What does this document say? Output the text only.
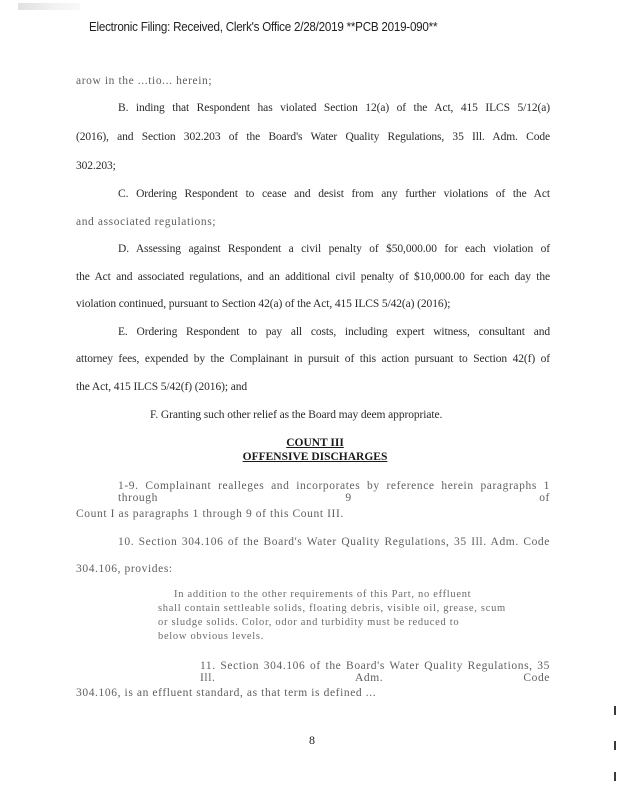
Electronic Filing: Received, Clerk's Office 2/28/2019 **PCB 2019-090**
arow in the ...tio... herein;
B. inding that Respondent has violated Section 12(a) of the Act, 415 ILCS 5/12(a)
(2016), and Section 302.203 of the Board's Water Quality Regulations, 35 Ill. Adm. Code
302.203;
C. Ordering Respondent to cease and desist from any further violations of the Act
and associated regulations;
D. Assessing against Respondent a civil penalty of $50,000.00 for each violation of
the Act and associated regulations, and an additional civil penalty of $10,000.00 for each day the
violation continued, pursuant to Section 42(a) of the Act, 415 ILCS 5/42(a) (2016);
E. Ordering Respondent to pay all costs, including expert witness, consultant and
attorney fees, expended by the Complainant in pursuit of this action pursuant to Section 42(f) of
the Act, 415 ILCS 5/42(f) (2016); and
F. Granting such other relief as the Board may deem appropriate.
COUNT III
OFFENSIVE DISCHARGES
1-9. Complainant realleges and incorporates by reference herein paragraphs 1 through 9 of
Count I as paragraphs 1 through 9 of this Count III.
10. Section 304.106 of the Board's Water Quality Regulations, 35 Ill. Adm. Code
304.106, provides:
In addition to the other requirements of this Part, no effluent
shall contain settleable solids, floating debris, visible oil, grease, scum
or sludge solids. Color, odor and turbidity must be reduced to
below obvious levels.
11. Section 304.106 of the Board's Water Quality Regulations, 35 Ill. Adm. Code
304.106, is an effluent standard, as that term is defined ...
8
